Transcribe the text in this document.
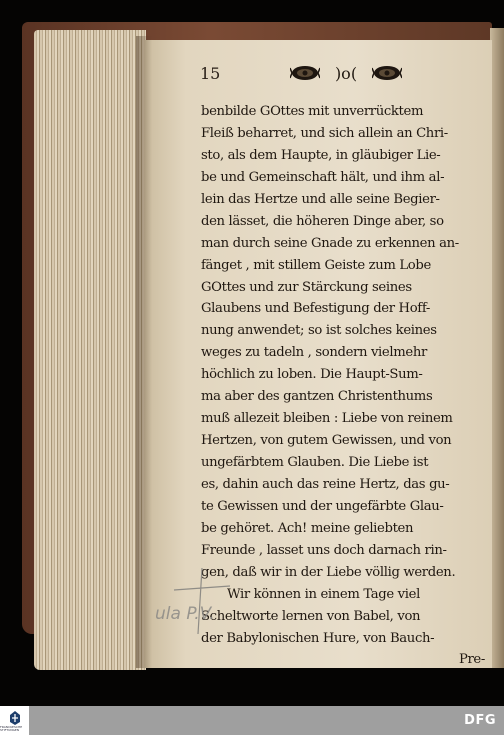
15	)o(
benbilde GOttes mit unverrücktem
Fleiß beharret, und sich allein an Chri-
sto, als dem Haupte, in gläubiger Lie-
be und Gemeinschaft hält, und ihm al-
lein das Hertze und alle seine Begier-
den lässet, die höheren Dinge aber, so
man durch seine Gnade zu erkennen an-
fänget , mit stillem Geiste zum Lobe
GOttes und zur Stärckung seines
Glaubens und Befestigung der Hoff-
nung anwendet; so ist solches keines
weges zu tadeln , sondern vielmehr
höchlich zu loben. Die Haupt-Sum-
ma aber des gantzen Christenthums
muß allezeit bleiben : Liebe von reinem
Hertzen, von gutem Gewissen, und von
ungefärbtem Glauben. Die Liebe ist
es, dahin auch das reine Hertz, das gu-
te Gewissen und der ungefärbte Glau-
be gehöret. Ach! meine geliebten
Freunde , lasset uns doch darnach rin-
gen, daß wir in der Liebe völlig werden.
Wir können in einem Tage viel
Scheltworte lernen von Babel, von
der Babylonischen Hure, von Bauch-
Pre-
ula P.V.
FRANCKESCHE STIFTUNGEN
DFG
